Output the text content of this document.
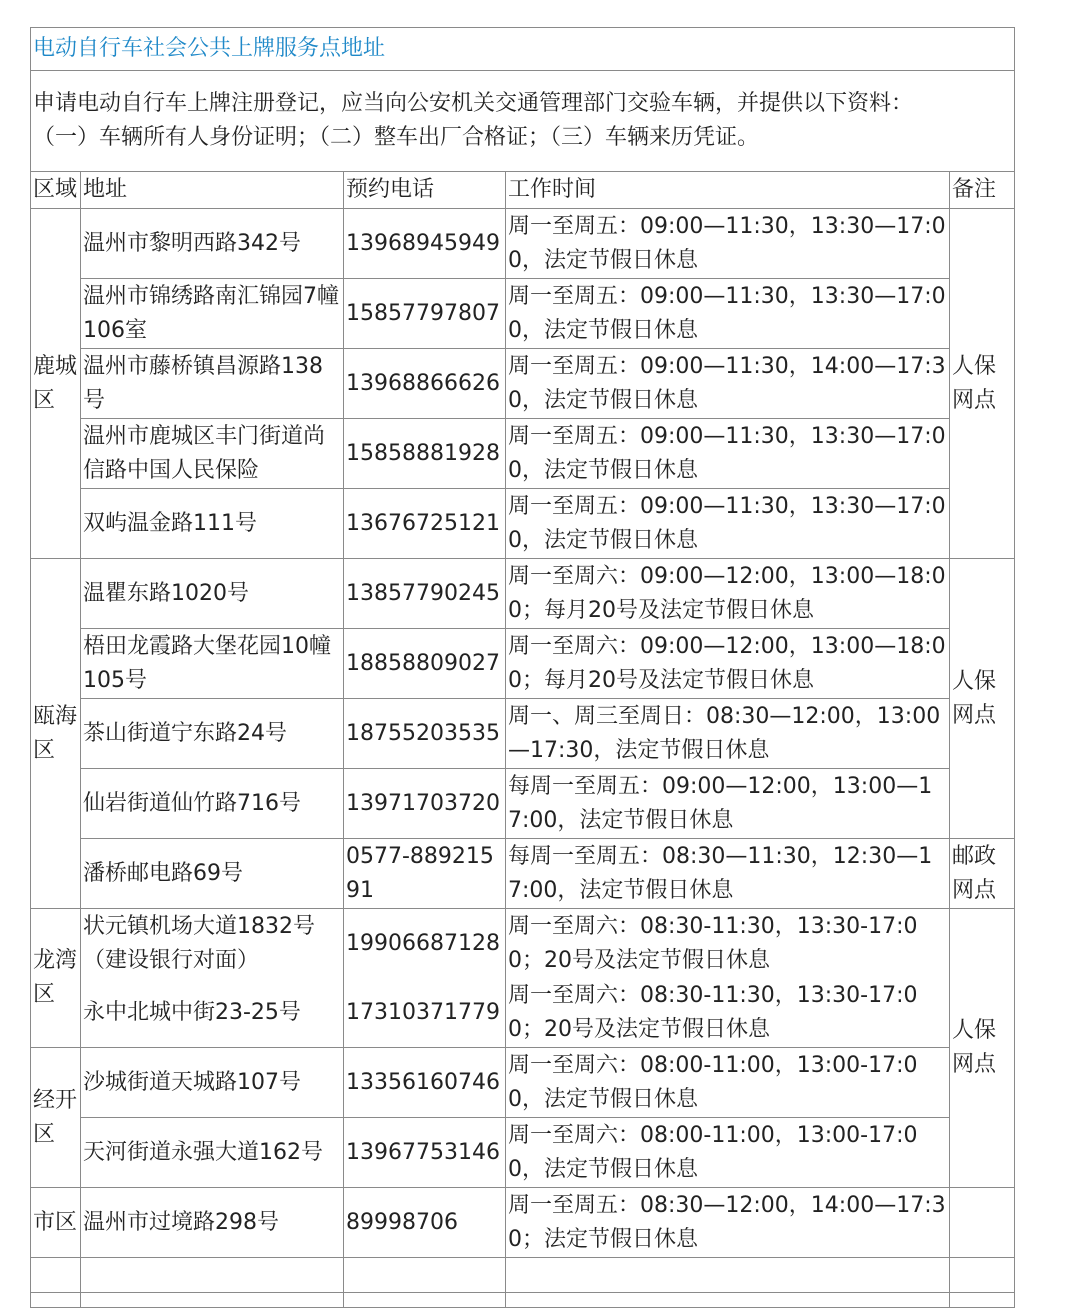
电动自行车社会公共上牌服务点地址				

申请电动自行车上牌注册登记，应当向公安机关交通管理部门交验车辆，并提供以下资料：
（一）车辆所有人身份证明；（二）整车出厂合格证；（三）车辆来历凭证。				

区域	地址	预约电话	工作时间	备注
鹿城区	温州市黎明西路342号	13968945949	周一至周五：09:00—11:30，13:30—17:00，法定节假日休息	人保网点
	温州市锦绣路南汇锦园7幢106室	15857797807	周一至周五：09:00—11:30，13:30—17:00，法定节假日休息	
	温州市藤桥镇昌源路138号	13968866626	周一至周五：09:00—11:30，14:00—17:30，法定节假日休息	
	温州市鹿城区丰门街道尚信路中国人民保险	15858881928	周一至周五：09:00—11:30，13:30—17:00，法定节假日休息	
	双屿温金路111号	13676725121	周一至周五：09:00—11:30，13:30—17:00，法定节假日休息	
瓯海区	温瞿东路1020号	13857790245	周一至周六：09:00—12:00，13:00—18:00；每月20号及法定节假日休息	人保网点
	梧田龙霞路大堡花园10幢105号	18858809027	周一至周六：09:00—12:00，13:00—18:00；每月20号及法定节假日休息	
	茶山街道宁东路24号	18755203535	周一、周三至周日：08:30—12:00，13:00—17:30，法定节假日休息	
	仙岩街道仙竹路716号	13971703720	每周一至周五：09:00—12:00，13:00—17:00，法定节假日休息	
	潘桥邮电路69号	0577-88921591	每周一至周五：08:30—11:30，12:30—17:00，法定节假日休息	邮政网点
龙湾区	状元镇机场大道1832号（建设银行对面）	19906687128	周一至周六：08:30-11:30，13:30-17:00；20号及法定节假日休息	人保网点
	永中北城中街23-25号	17310371779	周一至周六：08:30-11:30，13:30-17:00；20号及法定节假日休息	
经开区	沙城街道天城路107号	13356160746	周一至周六：08:00-11:00，13:00-17:00，法定节假日休息	
	天河街道永强大道162号	13967753146	周一至周六：08:00-11:00，13:00-17:00，法定节假日休息	
市区	温州市过境路298号	89998706	周一至周五：08:30—12:00，14:00—17:30；法定节假日休息	
